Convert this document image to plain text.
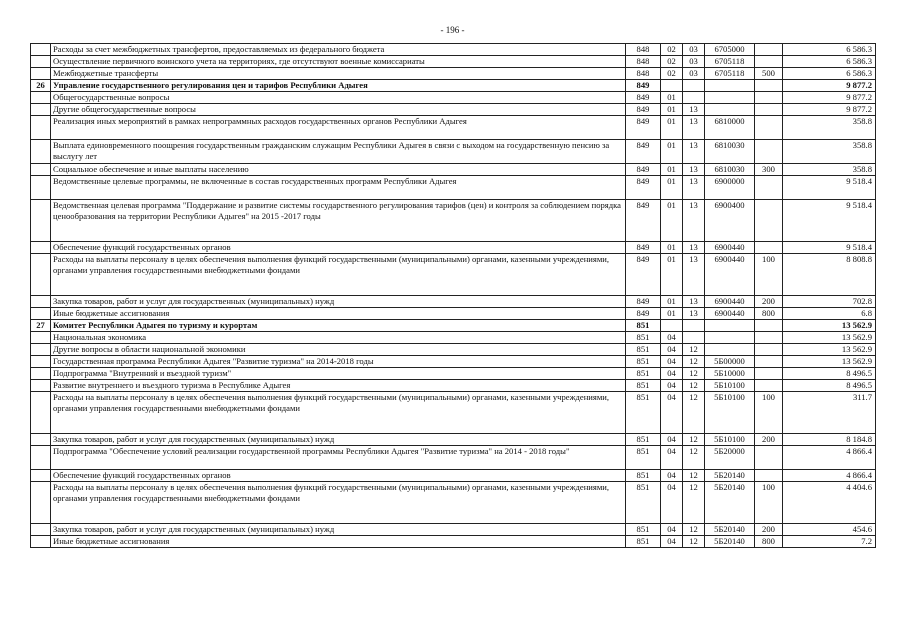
- 196 -
	Расходы за счет межбюджетных трансфертов, предоставляемых из федерального бюджета	848	02	03	6705000		6 586.3
	Осуществление первичного воинского учета на территориях, где отсутствуют военные комиссариаты	848	02	03	6705118		6 586.3
	Межбюджетные трансферты	848	02	03	6705118	500	6 586.3
26	Управление государственного регулирования цен и тарифов Республики Адыгея	849					9 877.2
	Общегосударственные вопросы	849	01				9 877.2
	Другие общегосударственные вопросы	849	01	13			9 877.2
	Реализация иных мероприятий в рамках непрограммных расходов государственных органов Республики Адыгея	849	01	13	6810000		358.8
	Выплата единовременного поощрения государственным гражданским служащим Республики Адыгея в связи с выходом на государственную пенсию за выслугу лет	849	01	13	6810030		358.8
	Социальное обеспечение и иные выплаты населению	849	01	13	6810030	300	358.8
	Ведомственные целевые программы, не включенные в состав государственных программ Республики Адыгея	849	01	13	6900000		9 518.4
	Ведомственная целевая программа "Поддержание и развитие системы государственного регулирования тарифов (цен) и контроля за соблюдением порядка ценообразования на территории Республики Адыгея" на 2015 -2017 годы	849	01	13	6900400		9 518.4
	Обеспечение функций государственных органов	849	01	13	6900440		9 518.4
	Расходы на выплаты персоналу в целях обеспечения выполнения функций государственными (муниципальными) органами, казенными учреждениями, органами управления государственными внебюджетными фондами	849	01	13	6900440	100	8 808.8
	Закупка товаров, работ и услуг для государственных (муниципальных) нужд	849	01	13	6900440	200	702.8
	Иные бюджетные ассигнования	849	01	13	6900440	800	6.8
27	Комитет Республики Адыгея по туризму и курортам	851					13 562.9
	Национальная экономика	851	04				13 562.9
	Другие вопросы в области национальной экономики	851	04	12			13 562.9
	Государственная программа Республики Адыгея "Развитие туризма" на 2014-2018 годы	851	04	12	5Б00000		13 562.9
	Подпрограмма "Внутренний и въездной туризм"	851	04	12	5Б10000		8 496.5
	Развитие внутреннего и въездного туризма в Республике Адыгея	851	04	12	5Б10100		8 496.5
	Расходы на выплаты персоналу в целях обеспечения выполнения функций государственными (муниципальными) органами, казенными учреждениями, органами управления государственными внебюджетными фондами	851	04	12	5Б10100	100	311.7
	Закупка товаров, работ и услуг для государственных (муниципальных) нужд	851	04	12	5Б10100	200	8 184.8
	Подпрограмма "Обеспечение условий реализации государственной программы Республики Адыгея "Развитие туризма" на 2014 - 2018 годы"	851	04	12	5Б20000		4 866.4
	Обеспечение функций государственных органов	851	04	12	5Б20140		4 866.4
	Расходы на выплаты персоналу в целях обеспечения выполнения функций государственными (муниципальными) органами, казенными учреждениями, органами управления государственными внебюджетными фондами	851	04	12	5Б20140	100	4 404.6
	Закупка товаров, работ и услуг для государственных (муниципальных) нужд	851	04	12	5Б20140	200	454.6
	Иные бюджетные ассигнования	851	04	12	5Б20140	800	7.2
